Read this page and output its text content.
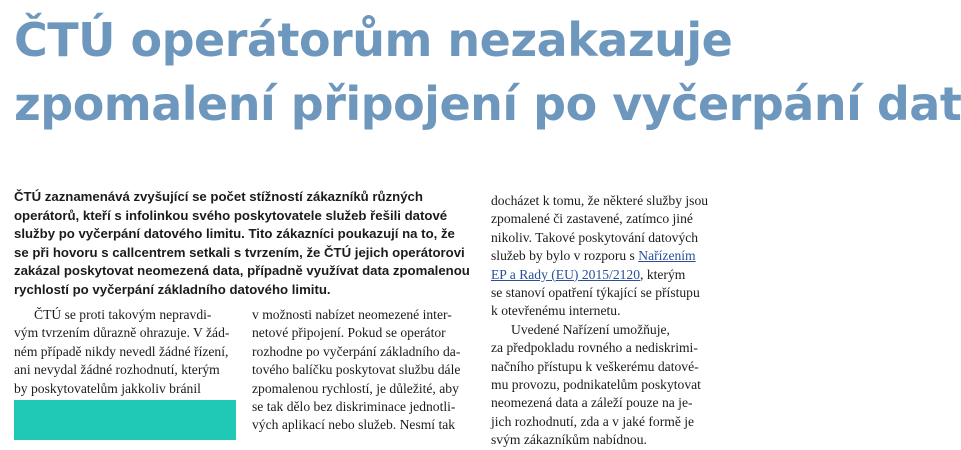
ČTÚ operátorům nezakazuje
zpomalení připojení po vyčerpání dat
ČTÚ zaznamenává zvyšující se počet stížností zákazníků různých
operátorů, kteří s infolinkou svého poskytovatele služeb řešili datové
služby po vyčerpání datového limitu. Tito zákazníci poukazují na to, že
se při hovoru s callcentrem setkali s tvrzením, že ČTÚ jejich operátorovi
zakázal poskytovat neomezená data, případně využívat data zpomalenou
rychlostí po vyčerpání základního datového limitu.
ČTÚ se proti takovým nepravdi-
vým tvrzením důrazně ohrazuje. V žád-
ném případě nikdy nevedl žádné řízení,
ani nevydal žádné rozhodnutí, kterým
by poskytovatelům jakkoliv bránil
v možnosti nabízet neomezené inter-
netové připojení. Pokud se operátor
rozhodne po vyčerpání základního da-
tového balíčku poskytovat službu dále
zpomalenou rychlostí, je důležité, aby
se tak dělo bez diskriminace jednotli-
vých aplikací nebo služeb. Nesmí tak
docházet k tomu, že některé služby jsou
zpomalené či zastavené, zatímco jiné
nikoliv. Takové poskytování datových
služeb by bylo v rozporu s Nařízením
EP a Rady (EU) 2015/2120, kterým
se stanoví opatření týkající se přístupu
k otevřenému internetu.
Uvedené Nařízení umožňuje,
za předpokladu rovného a nediskrimi-
načního přístupu k veškerému datové-
mu provozu, podnikatelům poskytovat
neomezená data a záleží pouze na je-
jich rozhodnutí, zda a v jaké formě je
svým zákazníkům nabídnou.
